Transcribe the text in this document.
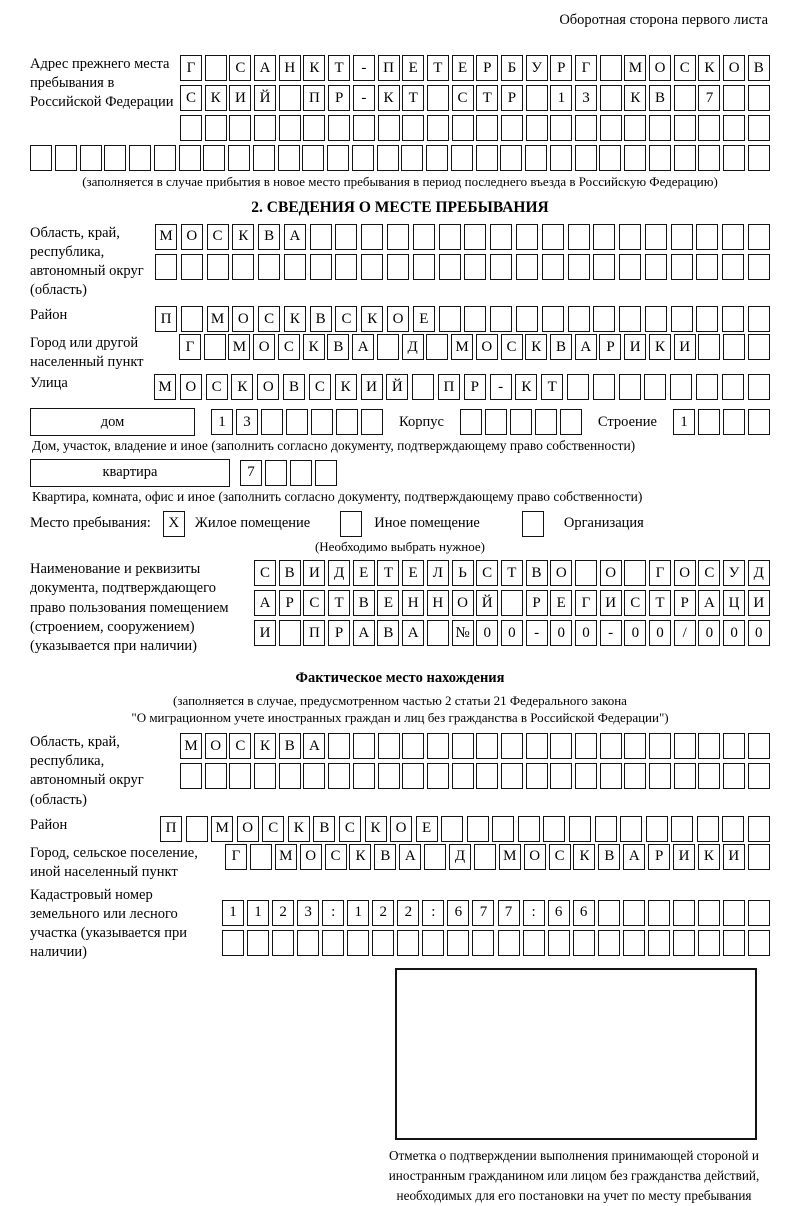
Оборотная сторона первого листа
Адрес прежнего места пребывания в Российской Федерации
Г	С А Н К	Т	-	П Е	Т	Е	Р	Б	У	Р	Г	М О С К О В
С К И Й	П	Р	-	К	Т	С	Т	Р	1	3	К В	7
(заполняется в случае прибытия в новое место пребывания в период последнего въезда в Российскую Федерацию)
2. СВЕДЕНИЯ О МЕСТЕ ПРЕБЫВАНИЯ
Область, край, республика, автономный округ (область)
М О	С	К	В	А
Район	П	М О	С	К	В	С	К	О	Е
Город или другой населенный пункт
Г	М О С К В А	Д	М О С К В А	Р	И К И
Улица	М О	С	К	О	В	С	К	И Й	П	Р	-	К	Т
дом	1	3	Корпус	Строение	1
Дом, участок, владение и иное (заполнить согласно документу, подтверждающему право собственности)
квартира	7
Квартира, комната, офис и иное (заполнить согласно документу, подтверждающему право собственности)
Место пребывания:	X	Жилое помещение	Иное помещение	Организация
(Необходимо выбрать нужное)
Наименование и реквизиты документа, подтверждающего право пользования помещением (строением, сооружением) (указывается при наличии)
С В И Д Е	Т	Е	Л	Ь	С	Т	В О	О	Г О С У Д
А	Р	С	Т	В	Е Н Н О Й	Р	Е	Г И С	Т	Р	А Ц И
И	П	Р	А В А	№ 0	0	-	0	0	-	0	0	/	0	0	0
Фактическое место нахождения
(заполняется в случае, предусмотренном частью 2 статьи 21 Федерального закона
"О миграционном учете иностранных граждан и лиц без гражданства в Российской Федерации")
Область, край, республика, автономный округ (область)
М О С К В А
Район	П	М О	С	К	В	С	К	О	Е
Город, сельское поселение, иной населенный пункт
Г	М О С К В А	Д	М О С К В А	Р	И К И
Кадастровый номер земельного или лесного участка (указывается при наличии)
1	1	2	3	:	1	2	2	:	6	7	7	:	6	6
Отметка о подтверждении выполнения принимающей стороной и иностранным гражданином или лицом без гражданства действий, необходимых для его постановки на учет по месту пребывания
